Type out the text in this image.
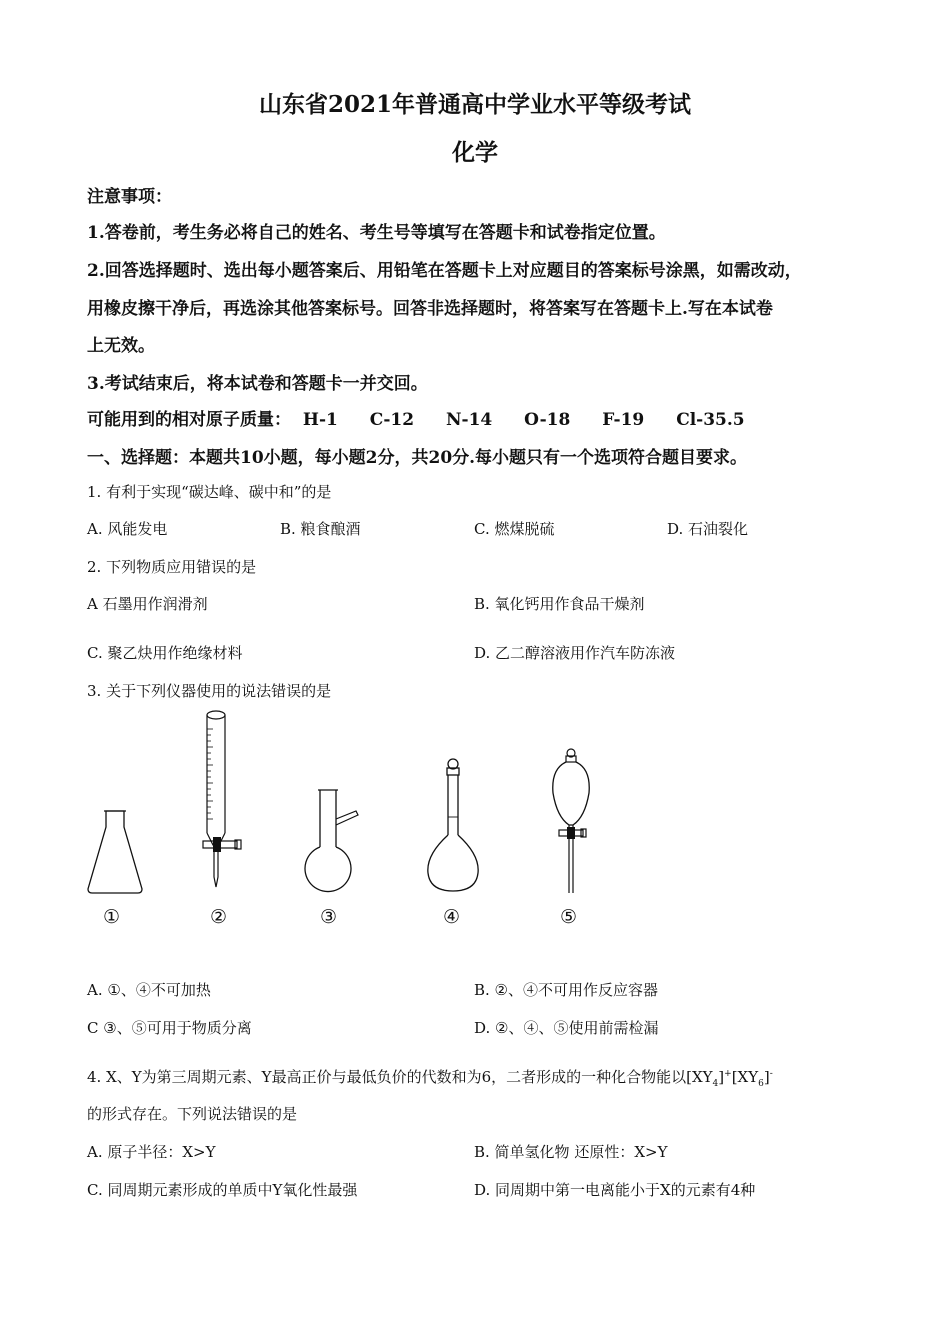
山东省2021年普通高中学业水平等级考试
化学
注意事项：
1.答卷前，考生务必将自己的姓名、考生号等填写在答题卡和试卷指定位置。
2.回答选择题时、选出每小题答案后、用铅笔在答题卡上对应题目的答案标号涂黑，如需改动，
用橡皮擦干净后，再选涂其他答案标号。回答非选择题时，将答案写在答题卡上.写在本试卷
上无效。
3.考试结束后，将本试卷和答题卡一并交回。
可能用到的相对原子质量： H-1 C-12 N-14 O-18 F-19 Cl-35.5
一、选择题：本题共10小题，每小题2分，共20分.每小题只有一个选项符合题目要求。
1. 有利于实现“碳达峰、碳中和”的是
A. 风能发电	B. 粮食酿酒	C. 燃煤脱硫	D. 石油裂化
2. 下列物质应用错误的是
A 石墨用作润滑剂	B. 氧化钙用作食品干燥剂
C. 聚乙炔用作绝缘材料	D. 乙二醇溶液用作汽车防冻液
3. 关于下列仪器使用的说法错误的是
①	②	③	④	⑤
A. ①、④不可加热	B. ②、④不可用作反应容器
C ③、⑤可用于物质分离	D. ②、④、⑤使用前需检漏
4. X、Y为第三周期元素、Y最高正价与最低负价的代数和为6，二者形成的一种化合物能以$[XY_4]^+[XY_6]^-$
的形式存在。下列说法错误的是
A. 原子半径：X>Y	B. 简单氢化物 还原性：X>Y
C. 同周期元素形成的单质中Y氧化性最强	D. 同周期中第一电离能小于X的元素有4种
